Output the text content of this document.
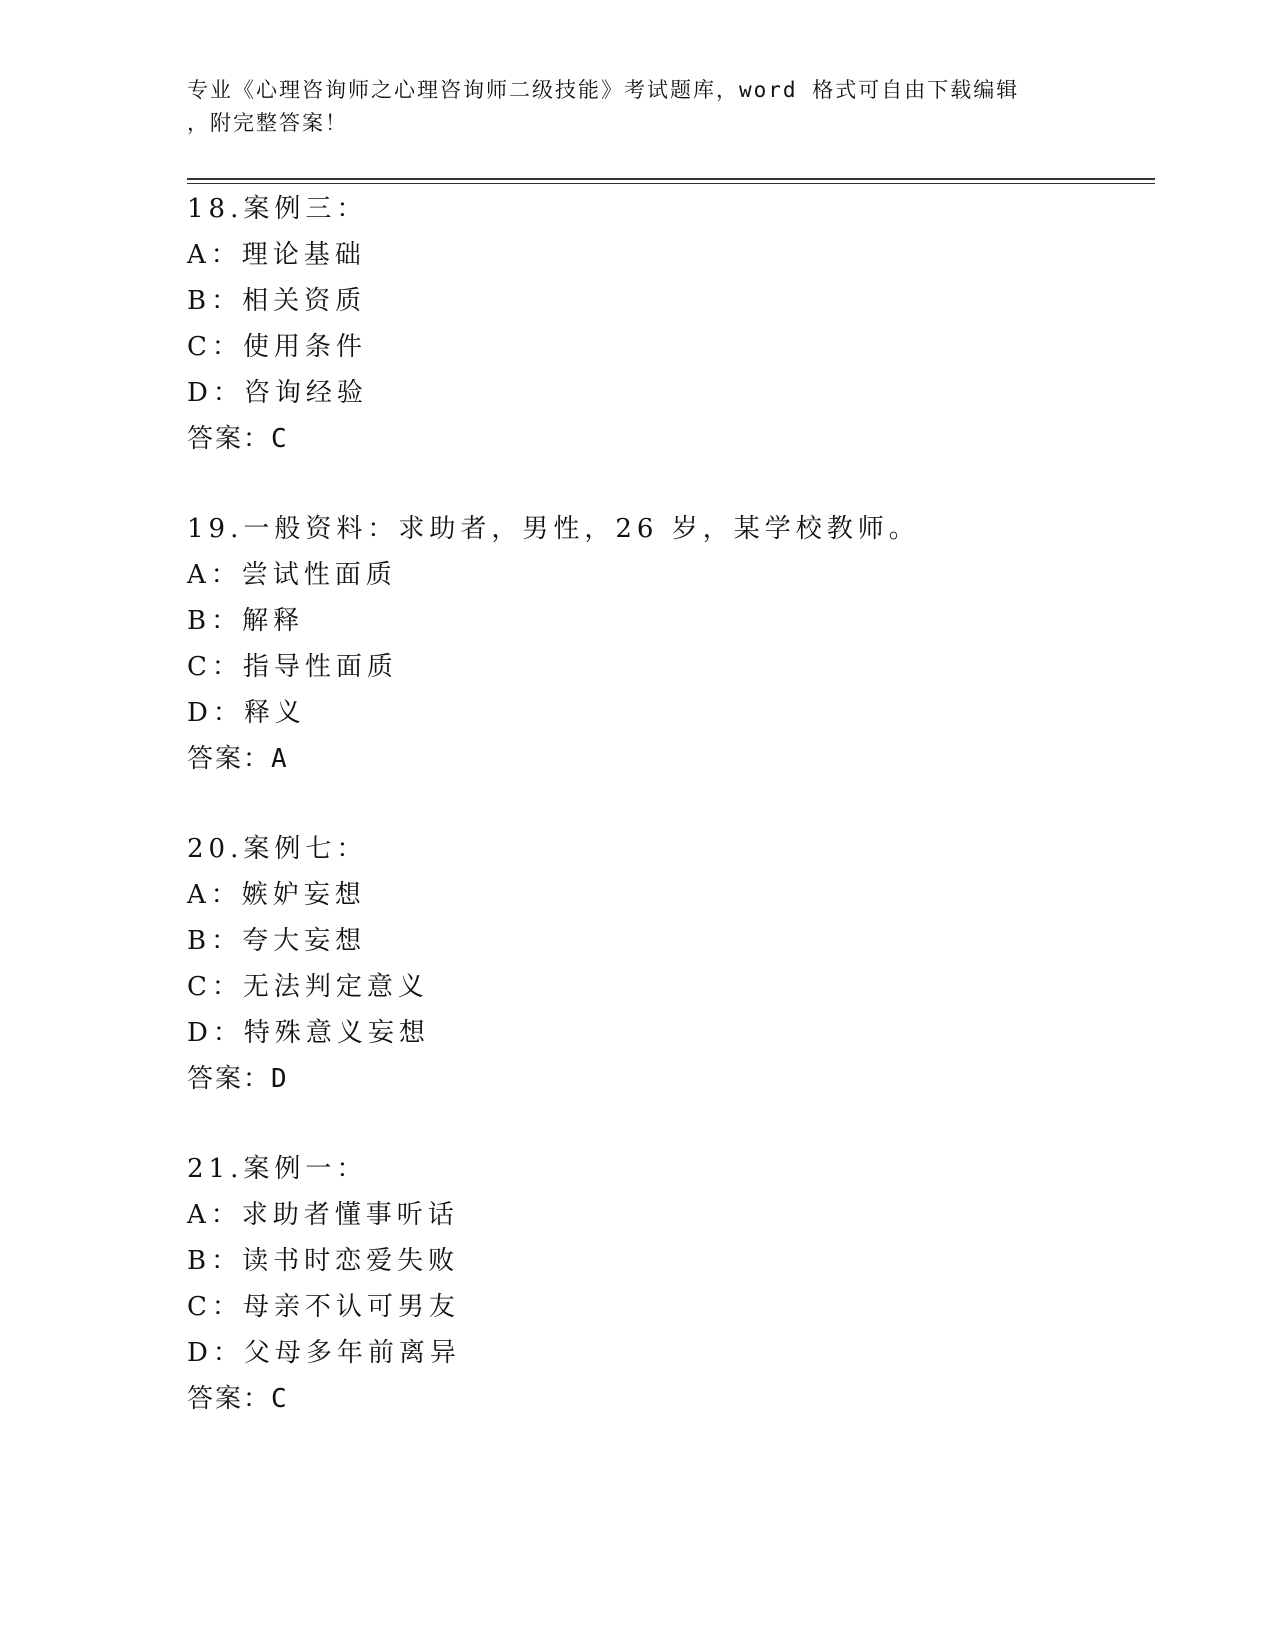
专业《心理咨询师之心理咨询师二级技能》考试题库，word 格式可自由下载编辑
，附完整答案！
18.案例三：
A：理论基础
B：相关资质
C：使用条件
D：咨询经验
答案：C
19.一般资料：求助者，男性，26 岁，某学校教师。
A：尝试性面质
B：解释
C：指导性面质
D：释义
答案：A
20.案例七：
A：嫉妒妄想
B：夸大妄想
C：无法判定意义
D：特殊意义妄想
答案：D
21.案例一：
A：求助者懂事听话
B：读书时恋爱失败
C：母亲不认可男友
D：父母多年前离异
答案：C
